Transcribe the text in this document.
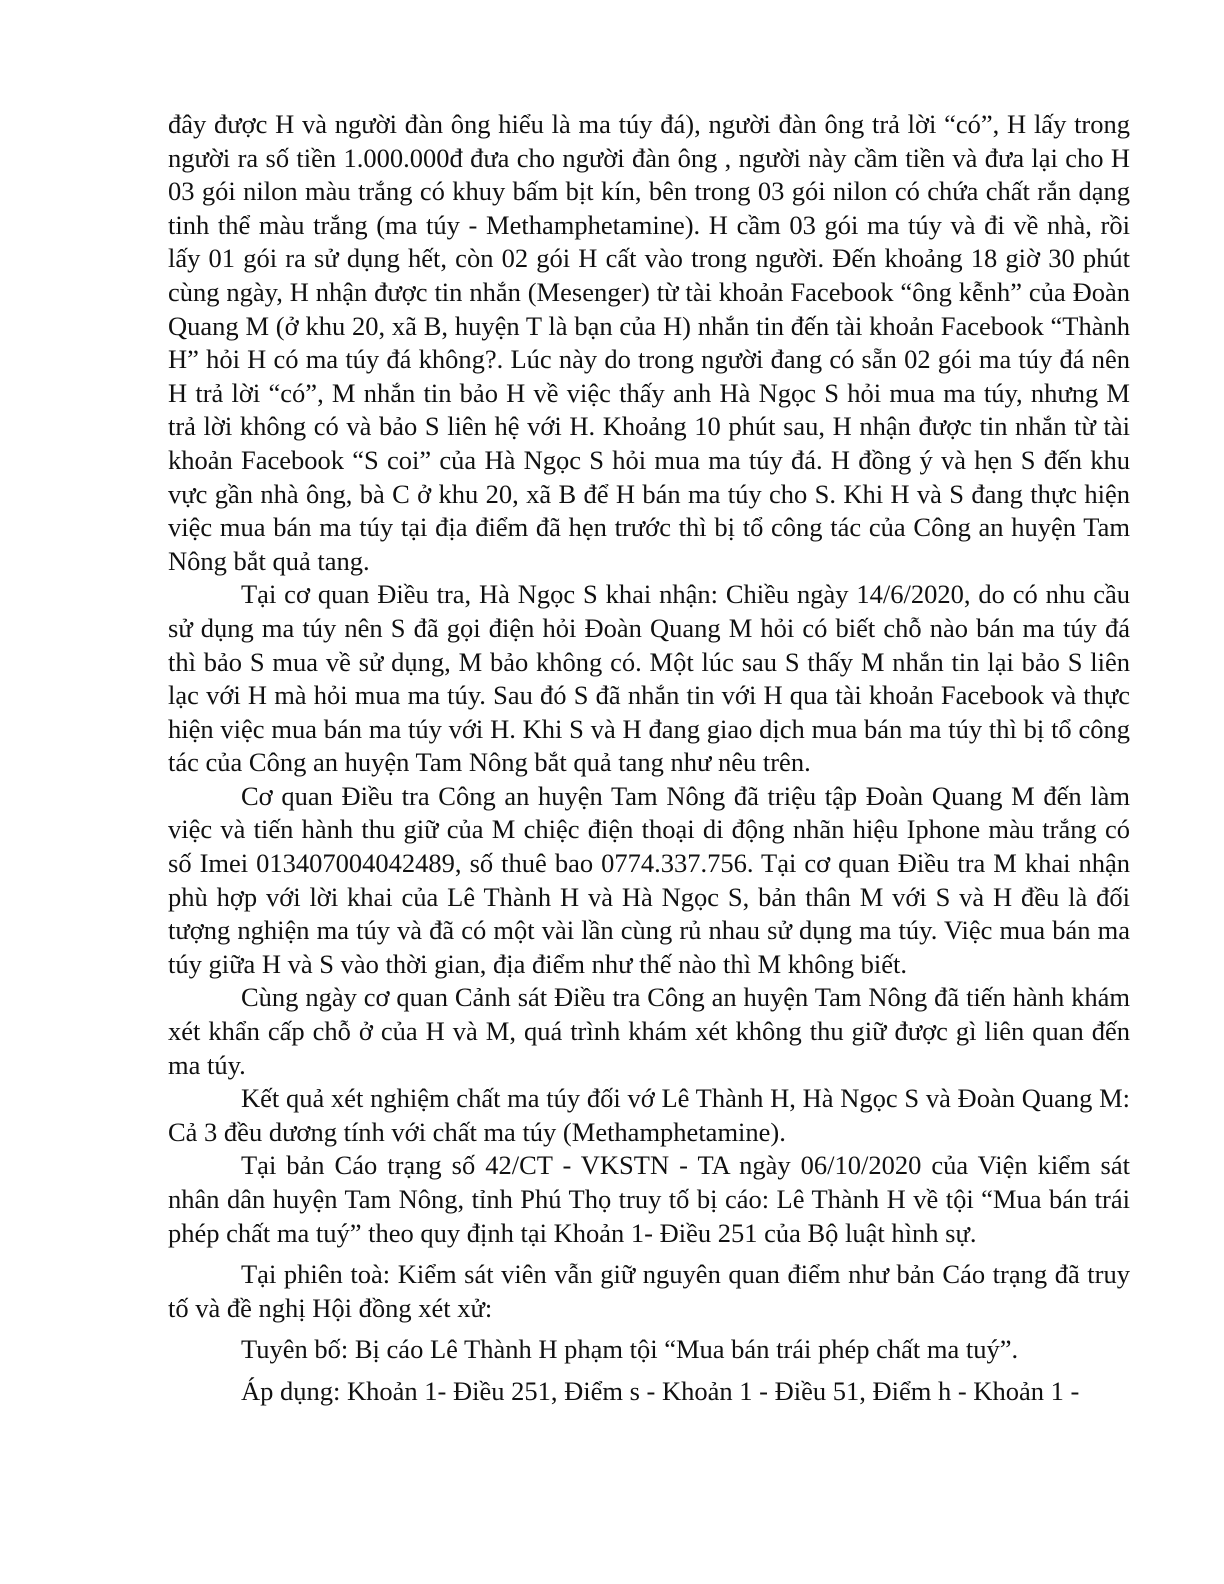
đây được H và người đàn ông hiểu là ma túy đá), người đàn ông trả lời “có”, H lấy trong người ra số tiền 1.000.000đ đưa cho người đàn ông , người này cầm tiền và đưa lại cho H 03 gói nilon màu trắng có khuy bấm bịt kín, bên trong 03 gói nilon có chứa chất rắn dạng tinh thể màu trắng (ma túy - Methamphetamine). H cầm 03 gói ma túy và đi về nhà, rồi lấy 01 gói ra sử dụng hết, còn 02 gói H cất vào trong người. Đến khoảng 18 giờ 30 phút cùng ngày, H nhận được tin nhắn (Mesenger) từ tài khoản Facebook “ông kễnh” của Đoàn Quang M (ở khu 20, xã B, huyện T là bạn của H) nhắn tin đến tài khoản Facebook “Thành H” hỏi H có ma túy đá không?. Lúc này do trong người đang có sẵn 02 gói ma túy đá nên H trả lời “có”, M nhắn tin bảo H về việc thấy anh Hà Ngọc S hỏi mua ma túy, nhưng M trả lời không có và bảo S liên hệ với H. Khoảng 10 phút sau, H nhận được tin nhắn từ tài khoản Facebook “S coi” của Hà Ngọc S hỏi mua ma túy đá. H đồng ý và hẹn S đến khu vực gần nhà ông, bà C ở khu 20, xã B để H bán ma túy cho S. Khi H và S đang thực hiện việc mua bán ma túy tại địa điểm đã hẹn trước thì bị tổ công tác của Công an huyện Tam Nông bắt quả tang.

Tại cơ quan Điều tra, Hà Ngọc S khai nhận: Chiều ngày 14/6/2020, do có nhu cầu sử dụng ma túy nên S đã gọi điện hỏi Đoàn Quang M hỏi có biết chỗ nào bán ma túy đá thì bảo S mua về sử dụng, M bảo không có. Một lúc sau S thấy M nhắn tin lại bảo S liên lạc với H mà hỏi mua ma túy. Sau đó S đã nhắn tin với H qua tài khoản Facebook và thực hiện việc mua bán ma túy với H. Khi S và H đang giao dịch mua bán ma túy thì bị tổ công tác của Công an huyện Tam Nông bắt quả tang như nêu trên.

Cơ quan Điều tra Công an huyện Tam Nông đã triệu tập Đoàn Quang M đến làm việc và tiến hành thu giữ của M chiệc điện thoại di động nhãn hiệu Iphone màu trắng có số Imei 013407004042489, số thuê bao 0774.337.756. Tại cơ quan Điều tra M khai nhận phù hợp với lời khai của Lê Thành H và Hà Ngọc S, bản thân M với S và H đều là đối tượng nghiện ma túy và đã có một vài lần cùng rủ nhau sử dụng ma túy. Việc mua bán ma túy giữa H và S vào thời gian, địa điểm như thế nào thì M không biết.

Cùng ngày cơ quan Cảnh sát Điều tra Công an huyện Tam Nông đã tiến hành khám xét khẩn cấp chỗ ở của H và M, quá trình khám xét không thu giữ được gì liên quan đến ma túy.

Kết quả xét nghiệm chất ma túy đối vớ Lê Thành H, Hà Ngọc S và Đoàn Quang M: Cả 3 đều dương tính với chất ma túy (Methamphetamine).

Tại bản Cáo trạng số 42/CT - VKSTN - TA ngày 06/10/2020 của Viện kiểm sát nhân dân huyện Tam Nông, tỉnh Phú Thọ truy tố bị cáo: Lê Thành H về tội “Mua bán trái phép chất ma tuý” theo quy định tại Khoản 1- Điều 251 của Bộ luật hình sự.

Tại phiên toà: Kiểm sát viên vẫn giữ nguyên quan điểm như bản Cáo trạng đã truy tố và đề nghị Hội đồng xét xử:

Tuyên bố: Bị cáo Lê Thành H phạm tội “Mua bán trái phép chất ma tuý”.

Áp dụng: Khoản 1- Điều 251, Điểm s - Khoản 1 - Điều 51, Điểm h - Khoản 1 -
